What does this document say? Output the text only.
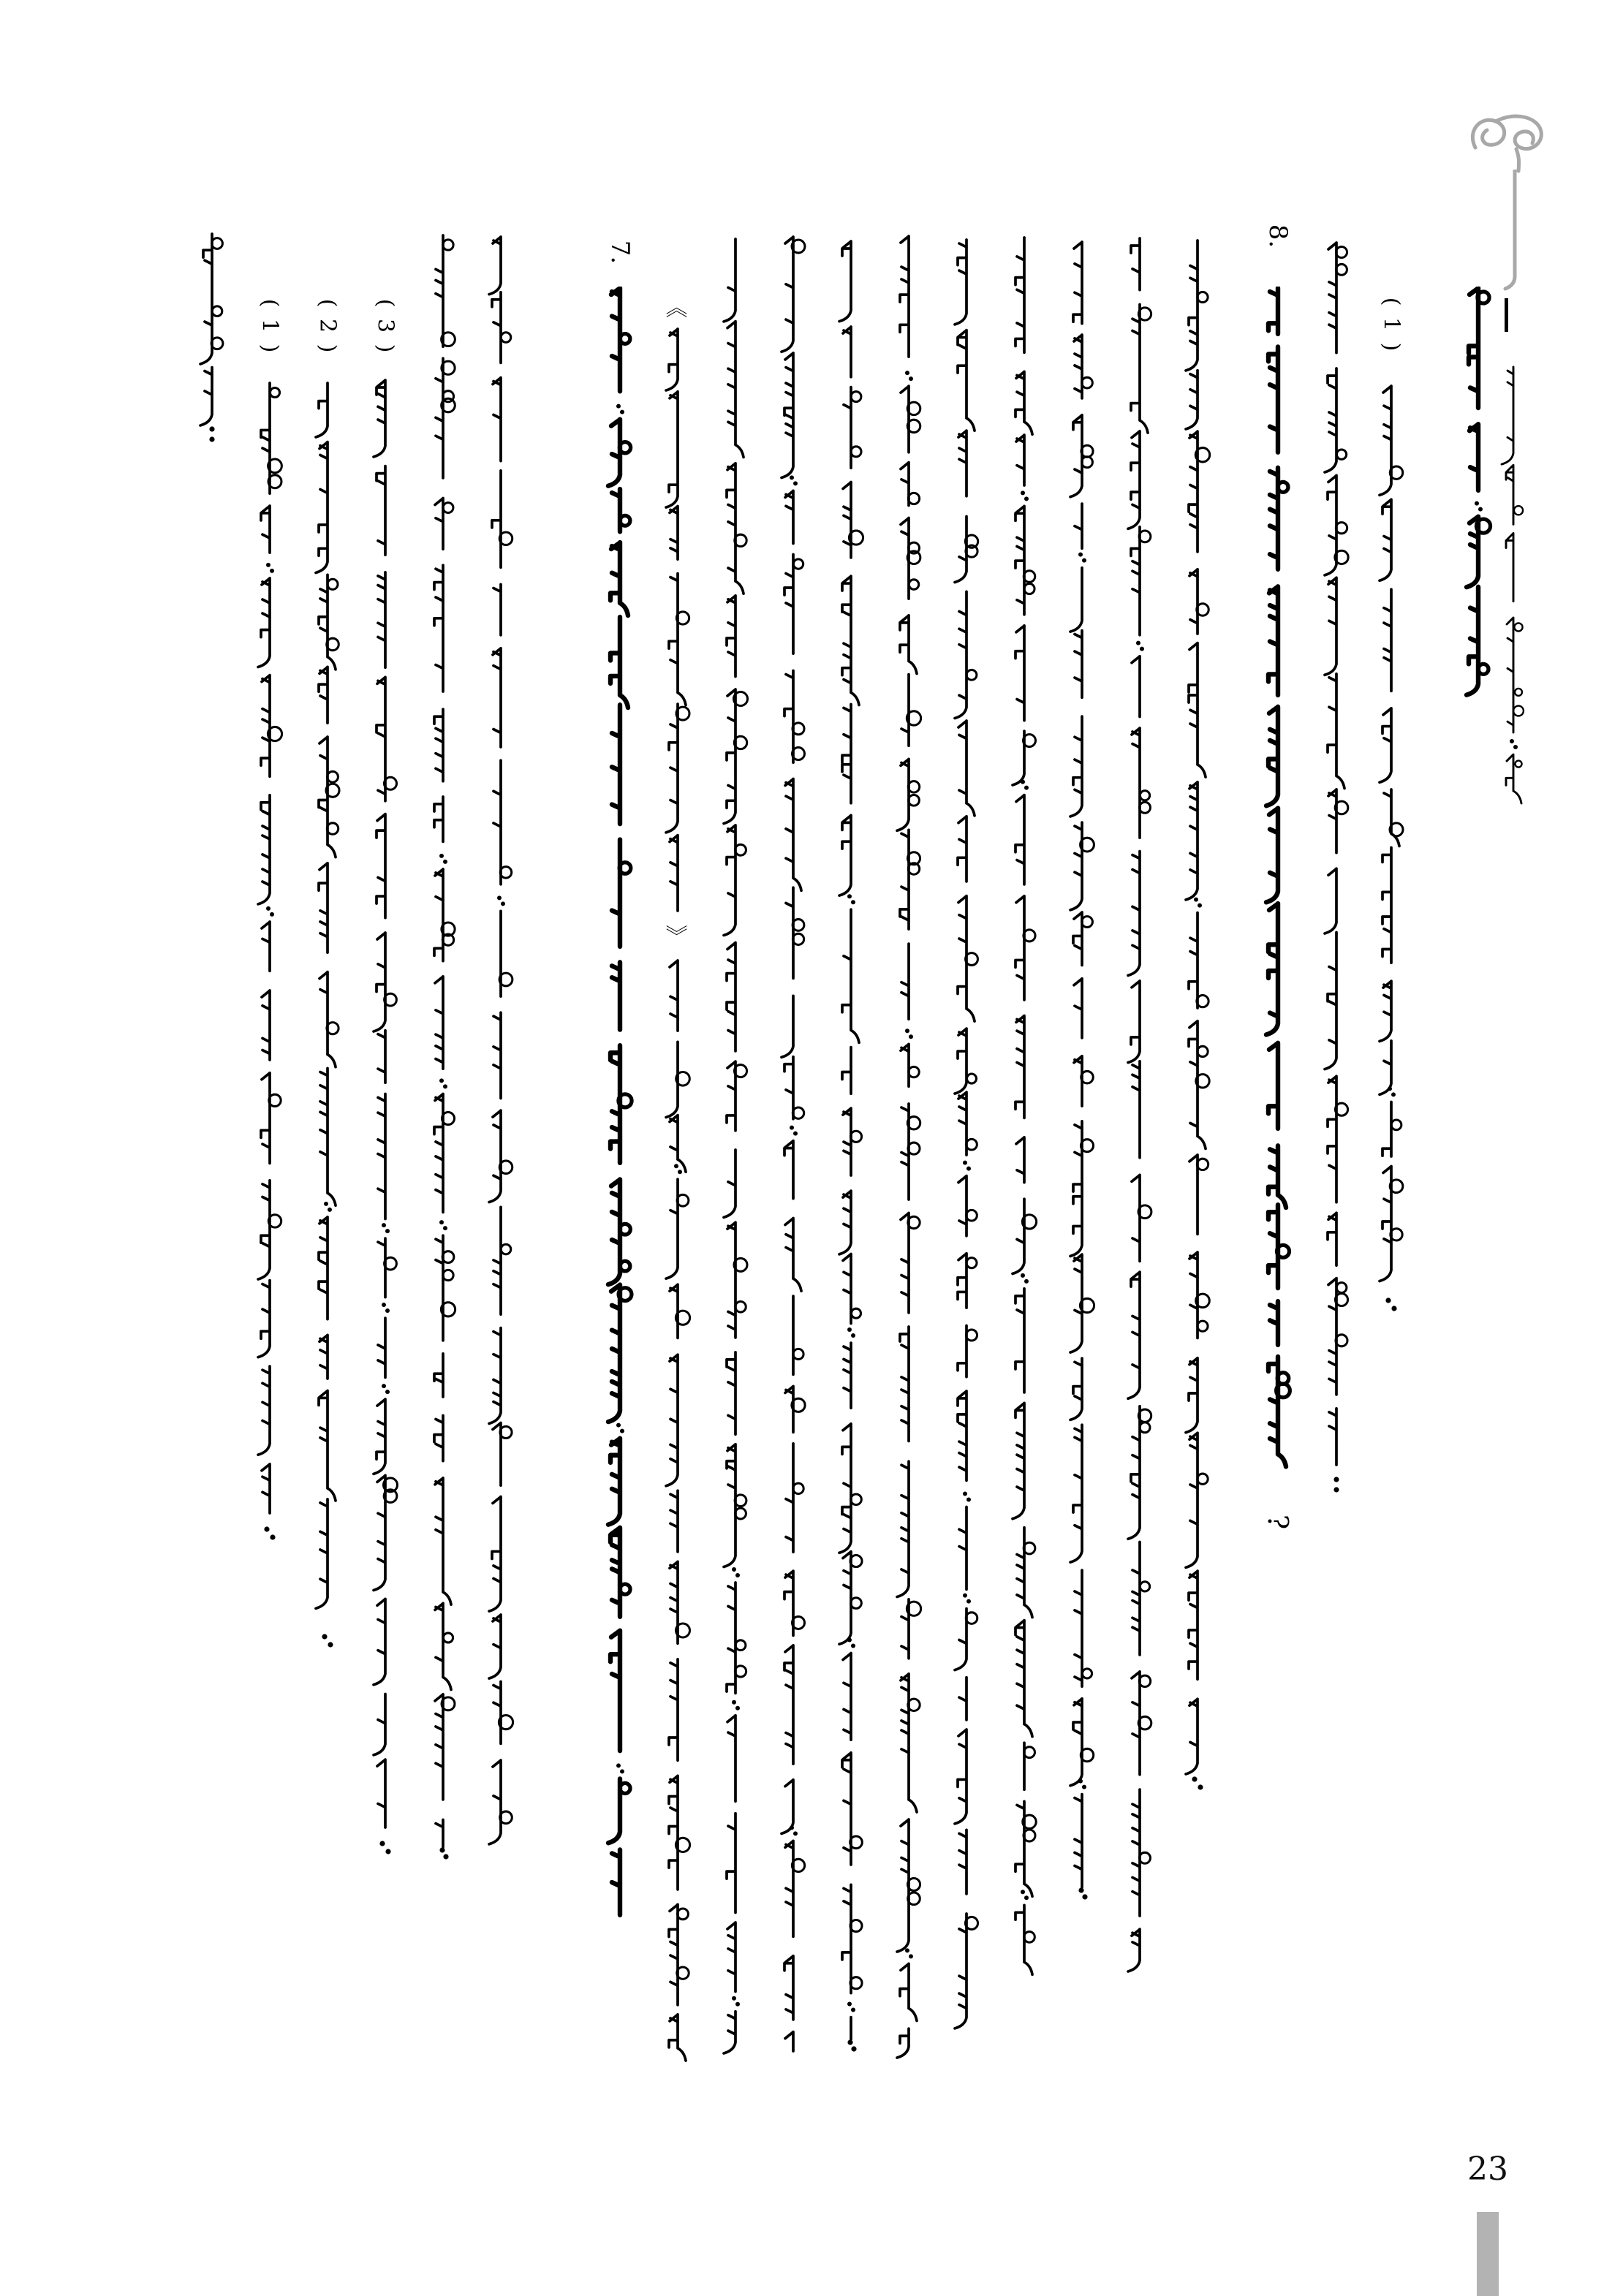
( 1 ) ( 2 ) ( 3 )
7.
《
》
8.
?
( 1 )
23
